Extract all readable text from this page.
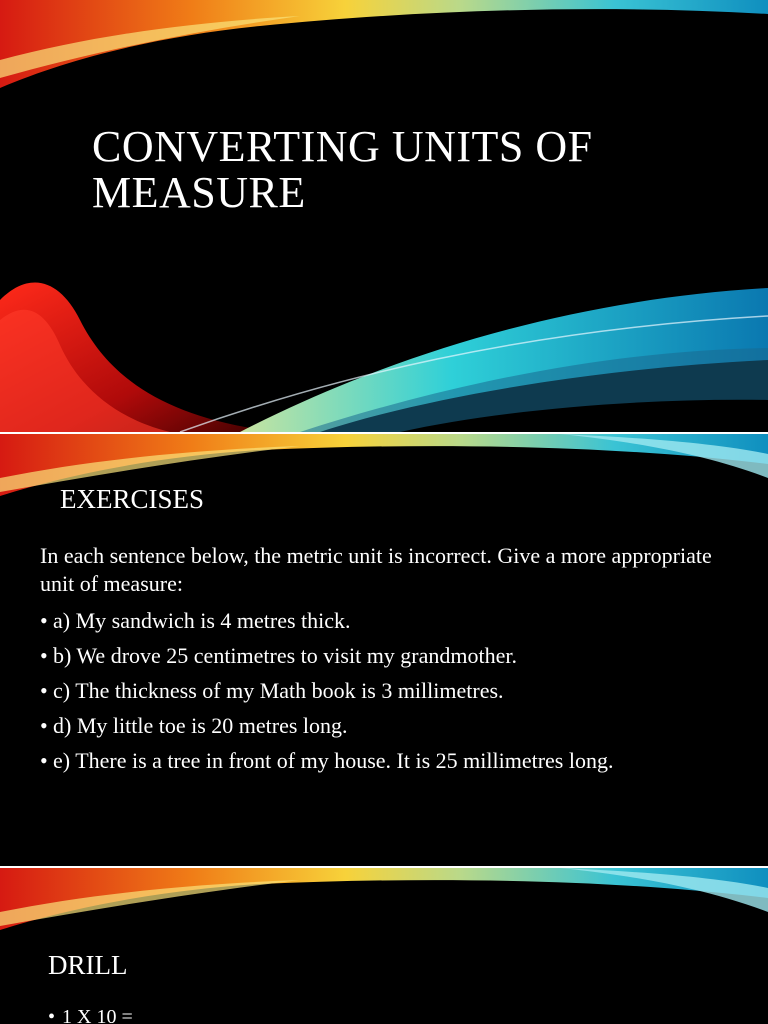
CONVERTING UNITS OF MEASURE
EXERCISES
In each sentence below, the metric unit is incorrect. Give a more appropriate unit of measure:
• a) My sandwich is 4 metres thick.
• b) We drove 25 centimetres to visit my grandmother.
• c) The thickness of my Math book is 3 millimetres.
• d) My little toe is 20 metres long.
• e) There is a tree in front of my house. It is 25 millimetres long.
DRILL
• 1 X 10 =
